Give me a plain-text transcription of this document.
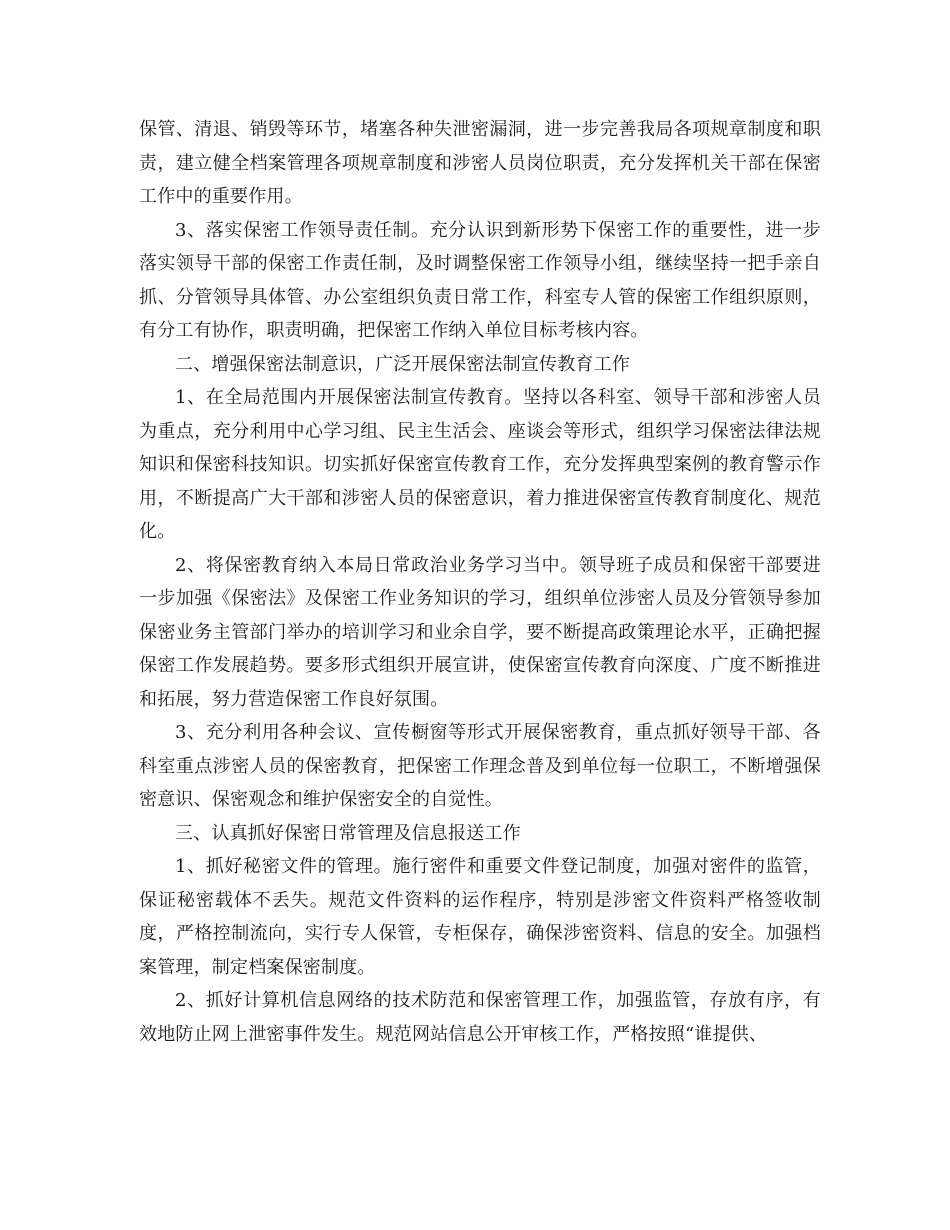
保管、清退、销毁等环节，堵塞各种失泄密漏洞，进一步完善我局各项规章制度和职责，建立健全档案管理各项规章制度和涉密人员岗位职责，充分发挥机关干部在保密工作中的重要作用。

3、落实保密工作领导责任制。充分认识到新形势下保密工作的重要性，进一步落实领导干部的保密工作责任制，及时调整保密工作领导小组，继续坚持一把手亲自抓、分管领导具体管、办公室组织负责日常工作，科室专人管的保密工作组织原则，有分工有协作，职责明确，把保密工作纳入单位目标考核内容。

二、增强保密法制意识，广泛开展保密法制宣传教育工作

1、在全局范围内开展保密法制宣传教育。坚持以各科室、领导干部和涉密人员为重点，充分利用中心学习组、民主生活会、座谈会等形式，组织学习保密法律法规知识和保密科技知识。切实抓好保密宣传教育工作，充分发挥典型案例的教育警示作用，不断提高广大干部和涉密人员的保密意识，着力推进保密宣传教育制度化、规范化。

2、将保密教育纳入本局日常政治业务学习当中。领导班子成员和保密干部要进一步加强《保密法》及保密工作业务知识的学习，组织单位涉密人员及分管领导参加保密业务主管部门举办的培训学习和业余自学，要不断提高政策理论水平，正确把握保密工作发展趋势。要多形式组织开展宣讲，使保密宣传教育向深度、广度不断推进和拓展，努力营造保密工作良好氛围。

3、充分利用各种会议、宣传橱窗等形式开展保密教育，重点抓好领导干部、各科室重点涉密人员的保密教育，把保密工作理念普及到单位每一位职工，不断增强保密意识、保密观念和维护保密安全的自觉性。

三、认真抓好保密日常管理及信息报送工作

1、抓好秘密文件的管理。施行密件和重要文件登记制度，加强对密件的监管，保证秘密载体不丢失。规范文件资料的运作程序，特别是涉密文件资料严格签收制度，严格控制流向，实行专人保管，专柜保存，确保涉密资料、信息的安全。加强档案管理，制定档案保密制度。

2、抓好计算机信息网络的技术防范和保密管理工作，加强监管，存放有序，有效地防止网上泄密事件发生。规范网站信息公开审核工作，严格按照“谁提供、
